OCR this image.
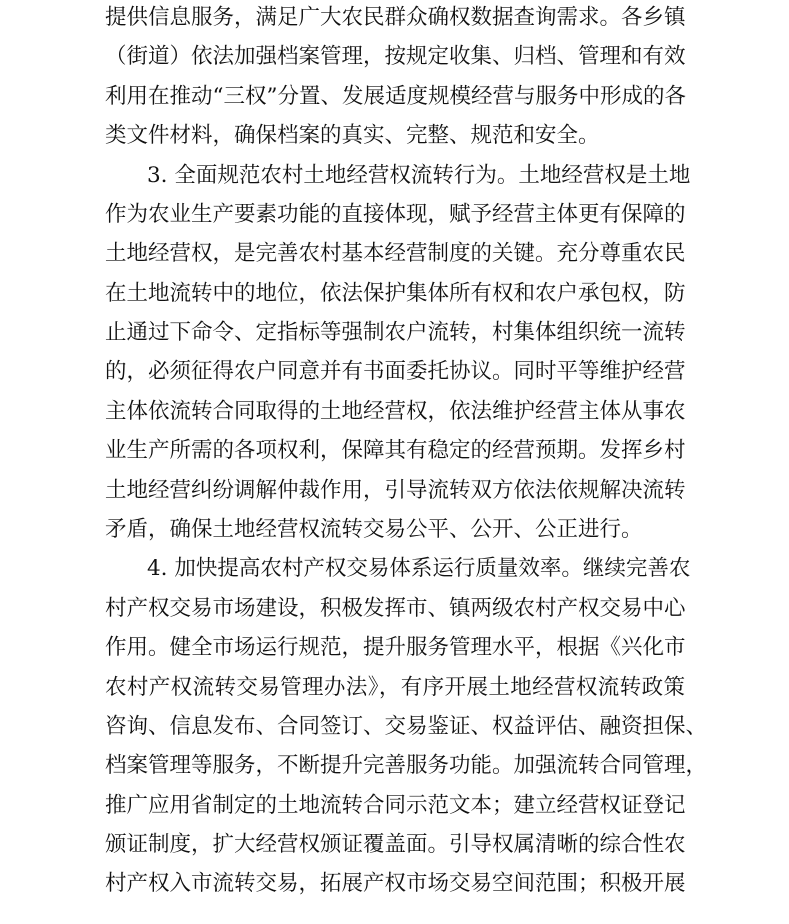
提供信息服务，满足广大农民群众确权数据查询需求。各乡镇
（街道）依法加强档案管理，按规定收集、归档、管理和有效
利用在推动“三权”分置、发展适度规模经营与服务中形成的各
类文件材料，确保档案的真实、完整、规范和安全。
3. 全面规范农村土地经营权流转行为。土地经营权是土地
作为农业生产要素功能的直接体现，赋予经营主体更有保障的
土地经营权，是完善农村基本经营制度的关键。充分尊重农民
在土地流转中的地位，依法保护集体所有权和农户承包权，防
止通过下命令、定指标等强制农户流转，村集体组织统一流转
的，必须征得农户同意并有书面委托协议。同时平等维护经营
主体依流转合同取得的土地经营权，依法维护经营主体从事农
业生产所需的各项权利，保障其有稳定的经营预期。发挥乡村
土地经营纠纷调解仲裁作用，引导流转双方依法依规解决流转
矛盾，确保土地经营权流转交易公平、公开、公正进行。
4. 加快提高农村产权交易体系运行质量效率。继续完善农
村产权交易市场建设，积极发挥市、镇两级农村产权交易中心
作用。健全市场运行规范，提升服务管理水平，根据《兴化市
农村产权流转交易管理办法》，有序开展土地经营权流转政策
咨询、信息发布、合同签订、交易鉴证、权益评估、融资担保、
档案管理等服务，不断提升完善服务功能。加强流转合同管理，
推广应用省制定的土地流转合同示范文本；建立经营权证登记
颁证制度，扩大经营权颁证覆盖面。引导权属清晰的综合性农
村产权入市流转交易，拓展产权市场交易空间范围；积极开展
